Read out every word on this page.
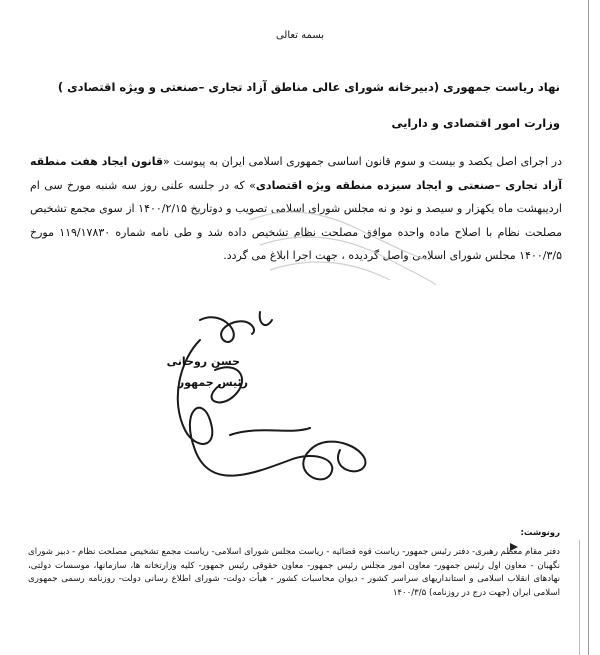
بسمه تعالی
نهاد ریاست جمهوری (دبیرخانه شورای عالی مناطق آزاد تجاری –صنعتی و ویژه اقتصادی )
وزارت امور اقتصادی و دارایی
در اجرای اصل یکصد و بیست و سوم قانون اساسی جمهوری اسلامی ایران به پیوست «قانون ایجاد هفت منطقه آزاد تجاری –صنعتی و ایجاد سیزده منطقه ویژه اقتصادی» که در جلسه علنی روز سه شنبه مورخ سی ام اردیبهشت ماه یکهزار و سیصد و نود و نه مجلس شورای اسلامی تصویب و دوتاریخ ۱۴۰۰/۲/۱۵ از سوی مجمع تشخیص مصلحت نظام با اصلاح ماده واحده موافق مصلحت نظام تشخیص داده شد و طی نامه شماره ۱۱۹/۱۷۸۳۰ مورخ ۱۴۰۰/۳/۵ مجلس شورای اسلامی واصل گردیده ، جهت اجرا ابلاغ می گردد.
حسن روحانی
رئیس جمهور
رونوشت:
دفتر مقام معظم رهبری- دفتر رئیس جمهور- ریاست قوه قضائیه - ریاست مجلس شورای اسلامی- ریاست مجمع تشخیص مصلحت نظام - دبیر شورای نگهبان - معاون اول رئیس جمهور- معاون امور مجلس رئیس جمهور- معاون حقوقی رئیس جمهور- کلیه وزارتخانه ها، سازمانها، موسسات دولتی، نهادهای انقلاب اسلامی و استانداریهای سراسر کشور - دیوان محاسبات کشور - هیأت دولت- شورای اطلاع رسانی دولت- روزنامه رسمی جمهوری اسلامی ایران (جهت درج در روزنامه) ۱۴۰۰/۳/۵
